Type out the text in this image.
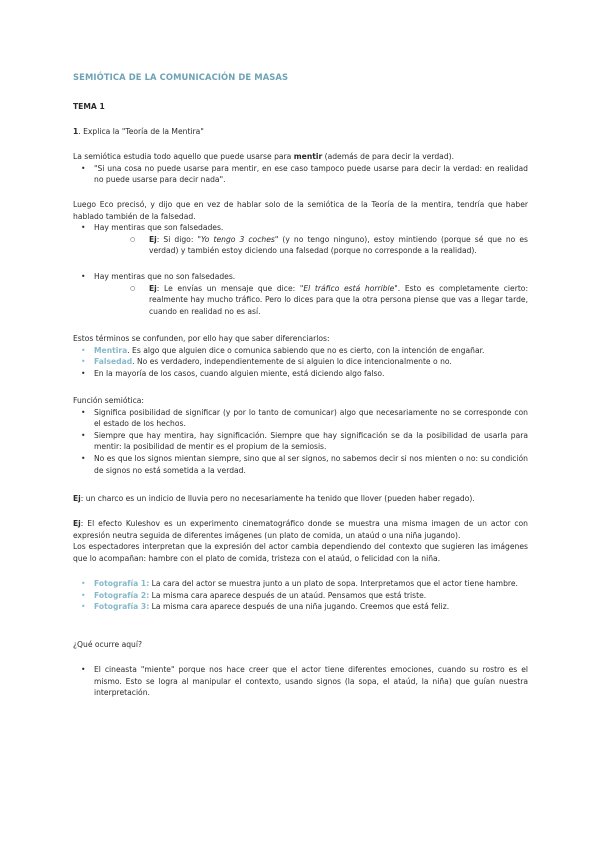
SEMIÓTICA DE LA COMUNICACIÓN DE MASAS
TEMA 1
1. Explica la "Teoría de la Mentira"

La semiótica estudia todo aquello que puede usarse para mentir (además de para decir la verdad).

• "Si una cosa no puede usarse para mentir, en ese caso tampoco puede usarse para decir la verdad: en realidad no puede usarse para decir nada".
Luego Eco precisó, y dijo que en vez de hablar solo de la semiótica de la Teoría de la mentira, tendría que haber hablado también de la falsedad.
• Hay mentiras que son falsedades.
○ Ej: Si digo: "Yo tengo 3 coches" (y no tengo ninguno), estoy mintiendo (porque sé que no es verdad) y también estoy diciendo una falsedad (porque no corresponde a la realidad).
• Hay mentiras que no son falsedades.
○ Ej: Le envías un mensaje que dice: "El tráfico está horrible". Esto es completamente cierto: realmente hay mucho tráfico. Pero lo dices para que la otra persona piense que vas a llegar tarde, cuando en realidad no es así.

Estos términos se confunden, por ello hay que saber diferenciarlos:

• Mentira. Es algo que alguien dice o comunica sabiendo que no es cierto, con la intención de engañar.
• Falsedad. No es verdadero, independientemente de si alguien lo dice intencionalmente o no.
• En la mayoría de los casos, cuando alguien miente, está diciendo algo falso.

Función semiótica:

• Significa posibilidad de significar (y por lo tanto de comunicar) algo que necesariamente no se corresponde con el estado de los hechos.
• Siempre que hay mentira, hay significación. Siempre que hay significación se da la posibilidad de usarla para mentir: la posibilidad de mentir es el propium de la semiosis.
• No es que los signos mientan siempre, sino que al ser signos, no sabemos decir si nos mienten o no: su condición de signos no está sometida a la verdad.
Ej: un charco es un indicio de lluvia pero no necesariamente ha tenido que llover (pueden haber regado).

Ej: El efecto Kuleshov es un experimento cinematográfico donde se muestra una misma imagen de un actor con expresión neutra seguida de diferentes imágenes (un plato de comida, un ataúd o una niña jugando).

Los espectadores interpretan que la expresión del actor cambia dependiendo del contexto que sugieren las imágenes que lo acompañan: hambre con el plato de comida, tristeza con el ataúd, o felicidad con la niña.

• Fotografía 1: La cara del actor se muestra junto a un plato de sopa. Interpretamos que el actor tiene hambre.
• Fotografía 2: La misma cara aparece después de un ataúd. Pensamos que está triste.
• Fotografía 3: La misma cara aparece después de una niña jugando. Creemos que está feliz.
¿Qué ocurre aquí?
• El cineasta "miente" porque nos hace creer que el actor tiene diferentes emociones, cuando su rostro es el mismo. Esto se logra al manipular el contexto, usando signos (la sopa, el ataúd, la niña) que guían nuestra interpretación.
